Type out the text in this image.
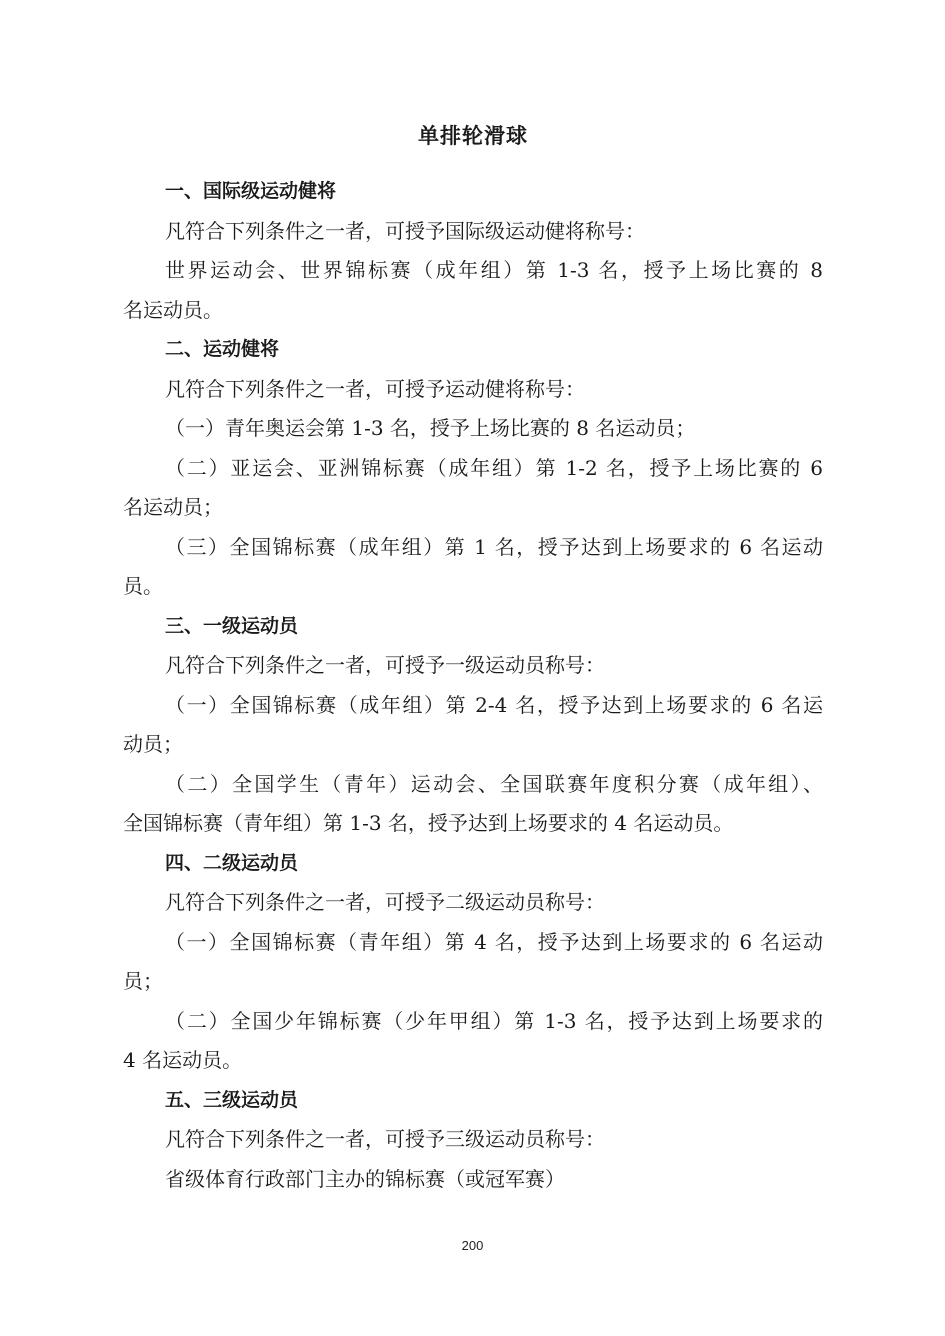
单排轮滑球
一、国际级运动健将
凡符合下列条件之一者，可授予国际级运动健将称号：
世界运动会、世界锦标赛（成年组）第 1-3 名，授予上场比赛的 8
名运动员。
二、运动健将
凡符合下列条件之一者，可授予运动健将称号：
（一）青年奥运会第 1-3 名，授予上场比赛的 8 名运动员；
（二）亚运会、亚洲锦标赛（成年组）第 1-2 名，授予上场比赛的 6
名运动员；
（三）全国锦标赛（成年组）第 1 名，授予达到上场要求的 6 名运动
员。
三、一级运动员
凡符合下列条件之一者，可授予一级运动员称号：
（一）全国锦标赛（成年组）第 2-4 名，授予达到上场要求的 6 名运
动员；
（二）全国学生（青年）运动会、全国联赛年度积分赛（成年组）、
全国锦标赛（青年组）第 1-3 名，授予达到上场要求的 4 名运动员。
四、二级运动员
凡符合下列条件之一者，可授予二级运动员称号：
（一）全国锦标赛（青年组）第 4 名，授予达到上场要求的 6 名运动
员；
（二）全国少年锦标赛（少年甲组）第 1-3 名，授予达到上场要求的
4 名运动员。
五、三级运动员
凡符合下列条件之一者，可授予三级运动员称号：
省级体育行政部门主办的锦标赛（或冠军赛）
200
